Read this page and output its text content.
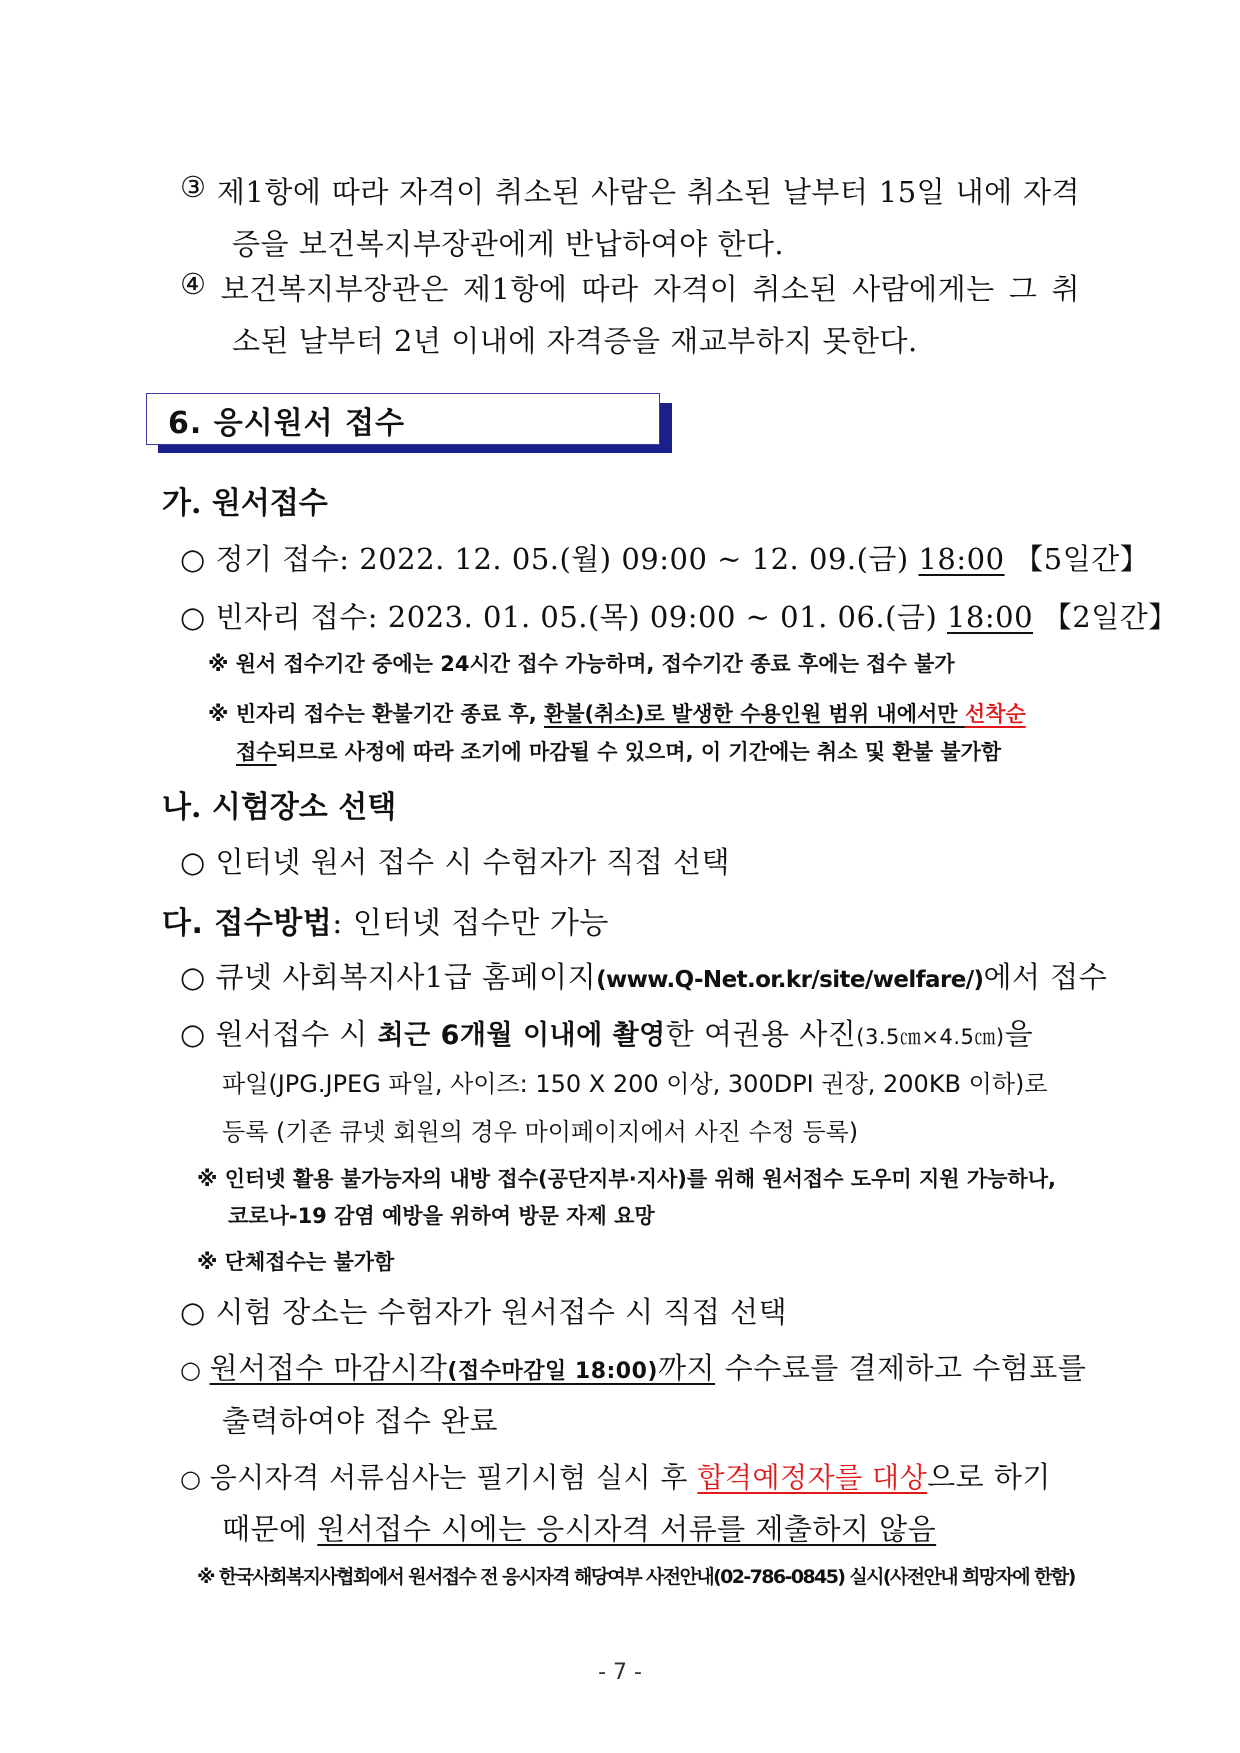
③ 제1항에 따라 자격이 취소된 사람은 취소된 날부터 15일 내에 자격
증을 보건복지부장관에게 반납하여야 한다.
④ 보건복지부장관은 제1항에 따라 자격이 취소된 사람에게는 그 취
소된 날부터 2년 이내에 자격증을 재교부하지 못한다.
6. 응시원서 접수
가. 원서접수
○ 정기 접수: 2022. 12. 05.(월) 09:00 ~ 12. 09.(금) 18:00 【5일간】
○ 빈자리 접수: 2023. 01. 05.(목) 09:00 ~ 01. 06.(금) 18:00 【2일간】
※ 원서 접수기간 중에는 24시간 접수 가능하며, 접수기간 종료 후에는 접수 불가
※ 빈자리 접수는 환불기간 종료 후, 환불(취소)로 발생한 수용인원 범위 내에서만 선착순
접수되므로 사정에 따라 조기에 마감될 수 있으며, 이 기간에는 취소 및 환불 불가함
나. 시험장소 선택
○ 인터넷 원서 접수 시 수험자가 직접 선택
다. 접수방법: 인터넷 접수만 가능
○ 큐넷 사회복지사1급 홈페이지(www.Q-Net.or.kr/site/welfare/)에서 접수
○ 원서접수 시 최근 6개월 이내에 촬영한 여권용 사진(3.5㎝×4.5㎝)을
파일(JPG.JPEG 파일, 사이즈: 150 X 200 이상, 300DPI 권장, 200KB 이하)로
등록 (기존 큐넷 회원의 경우 마이페이지에서 사진 수정 등록)
※ 인터넷 활용 불가능자의 내방 접수(공단지부·지사)를 위해 원서접수 도우미 지원 가능하나,
코로나-19 감염 예방을 위하여 방문 자제 요망
※ 단체접수는 불가함
○ 시험 장소는 수험자가 원서접수 시 직접 선택
○ 원서접수 마감시각(접수마감일 18:00)까지 수수료를 결제하고 수험표를
출력하여야 접수 완료
○ 응시자격 서류심사는 필기시험 실시 후 합격예정자를 대상으로 하기
때문에 원서접수 시에는 응시자격 서류를 제출하지 않음
※ 한국사회복지사협회에서 원서접수 전 응시자격 해당여부 사전안내(02-786-0845) 실시(사전안내 희망자에 한함)
- 7 -
